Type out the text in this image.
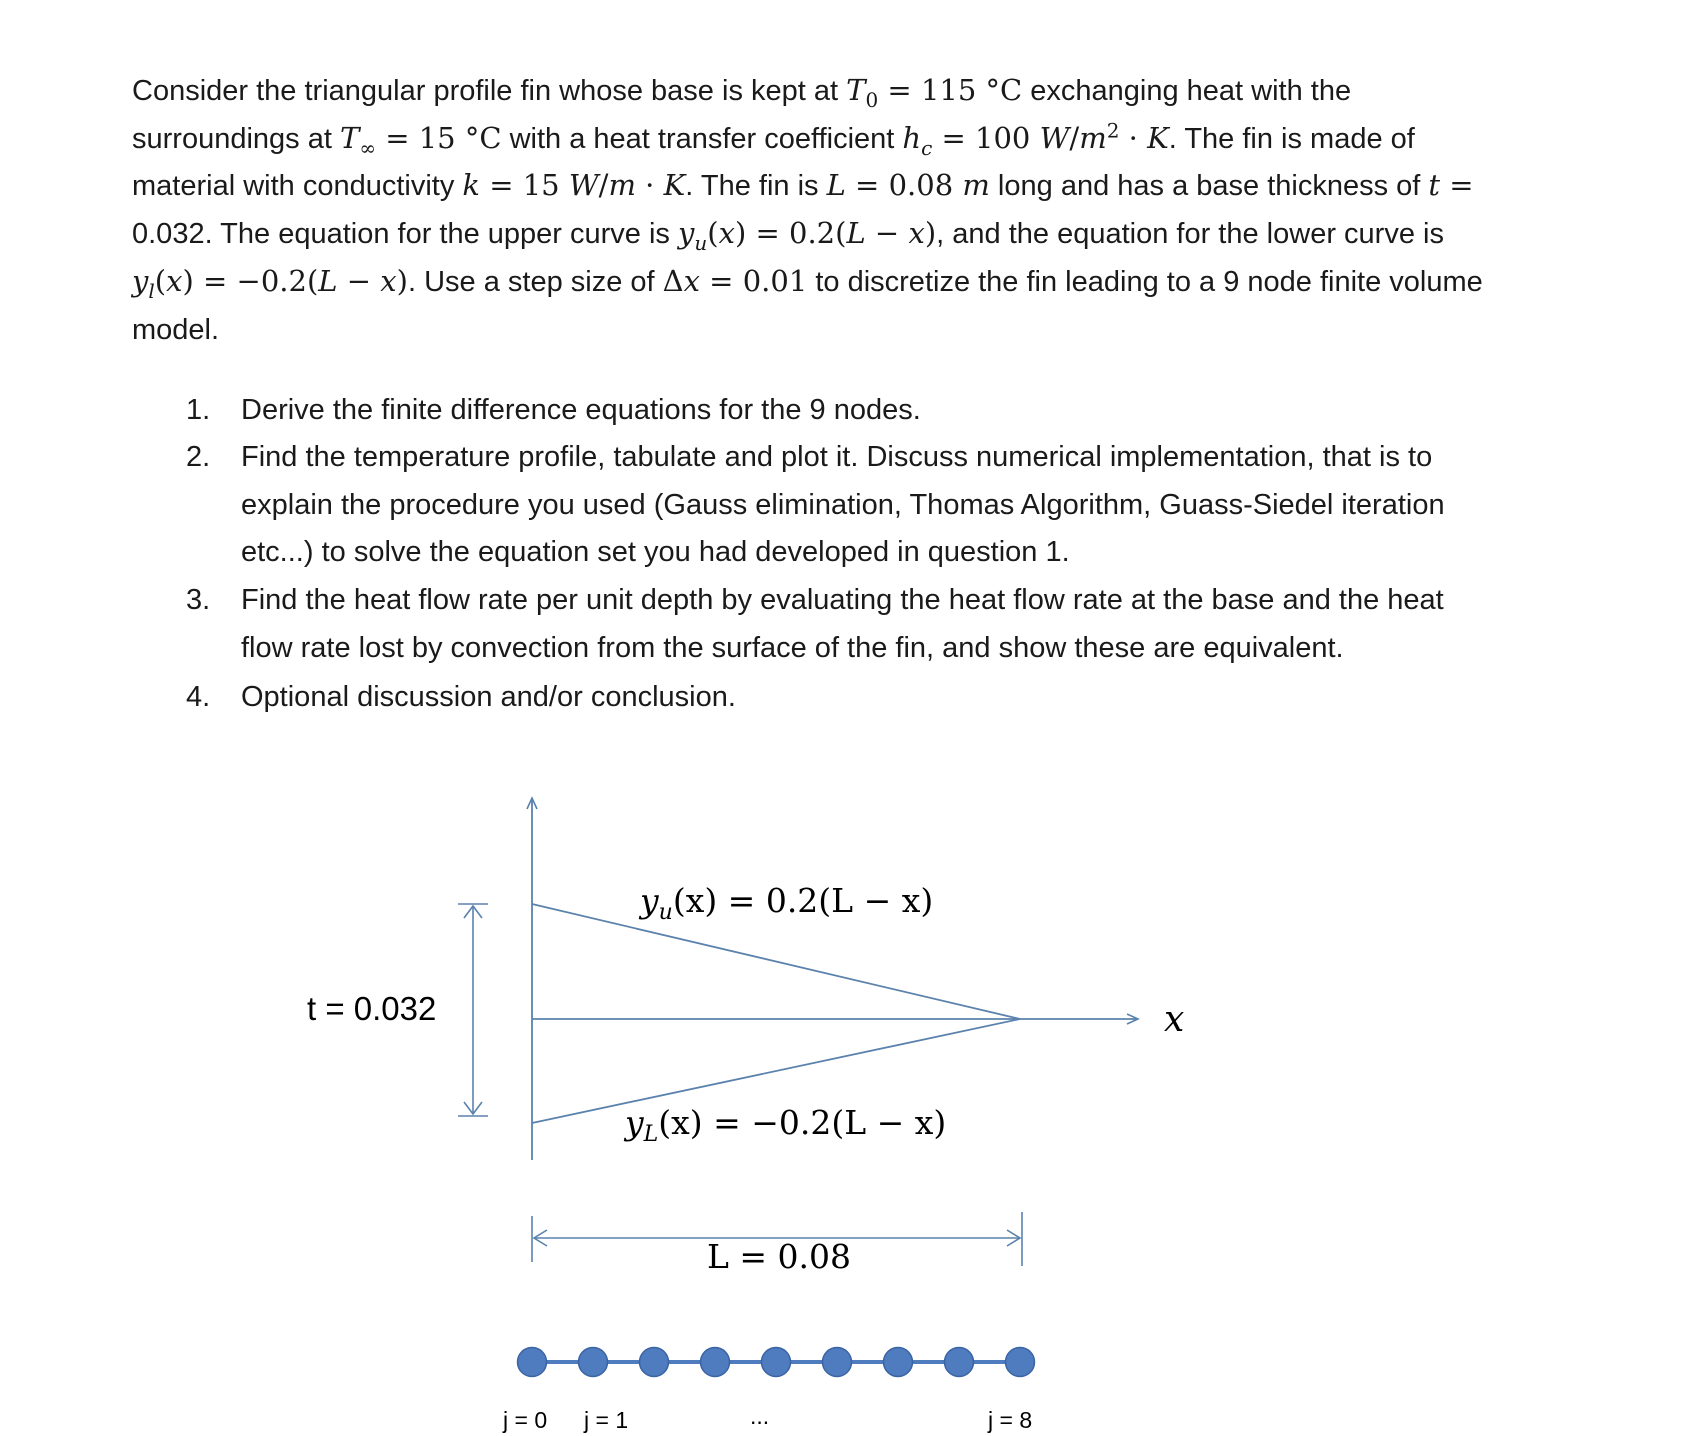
Consider the triangular profile fin whose base is kept at $T_0 = 115$ °C exchanging heat with the
surroundings at $T_\infty = 15$ °C with a heat transfer coefficient $h_c = 100$ $W/m^2 \cdot K$. The fin is made of
material with conductivity k = 15 W/m · K. The fin is L = 0.08 m long and has a base thickness of t =
0.032. The equation for the upper curve is $y_u(x) = 0.2(L - x)$, and the equation for the lower curve is
$y_l(x) = -0.2(L - x)$. Use a step size of Δx = 0.01 to discretize the fin leading to a 9 node finite volume
model.
1. Derive the finite difference equations for the 9 nodes.
2. Find the temperature profile, tabulate and plot it. Discuss numerical implementation, that is to
explain the procedure you used (Gauss elimination, Thomas Algorithm, Guass-Siedel iteration
etc...) to solve the equation set you had developed in question 1.
3. Find the heat flow rate per unit depth by evaluating the heat flow rate at the base and the heat
flow rate lost by convection from the surface of the fin, and show these are equivalent.
4. Optional discussion and/or conclusion.
$y_u(x) = 0.2(L - x)$
$y_L(x) = -0.2(L - x)$
t = 0.032	x
L = 0.08
j = 0 j = 1	...	j = 8
